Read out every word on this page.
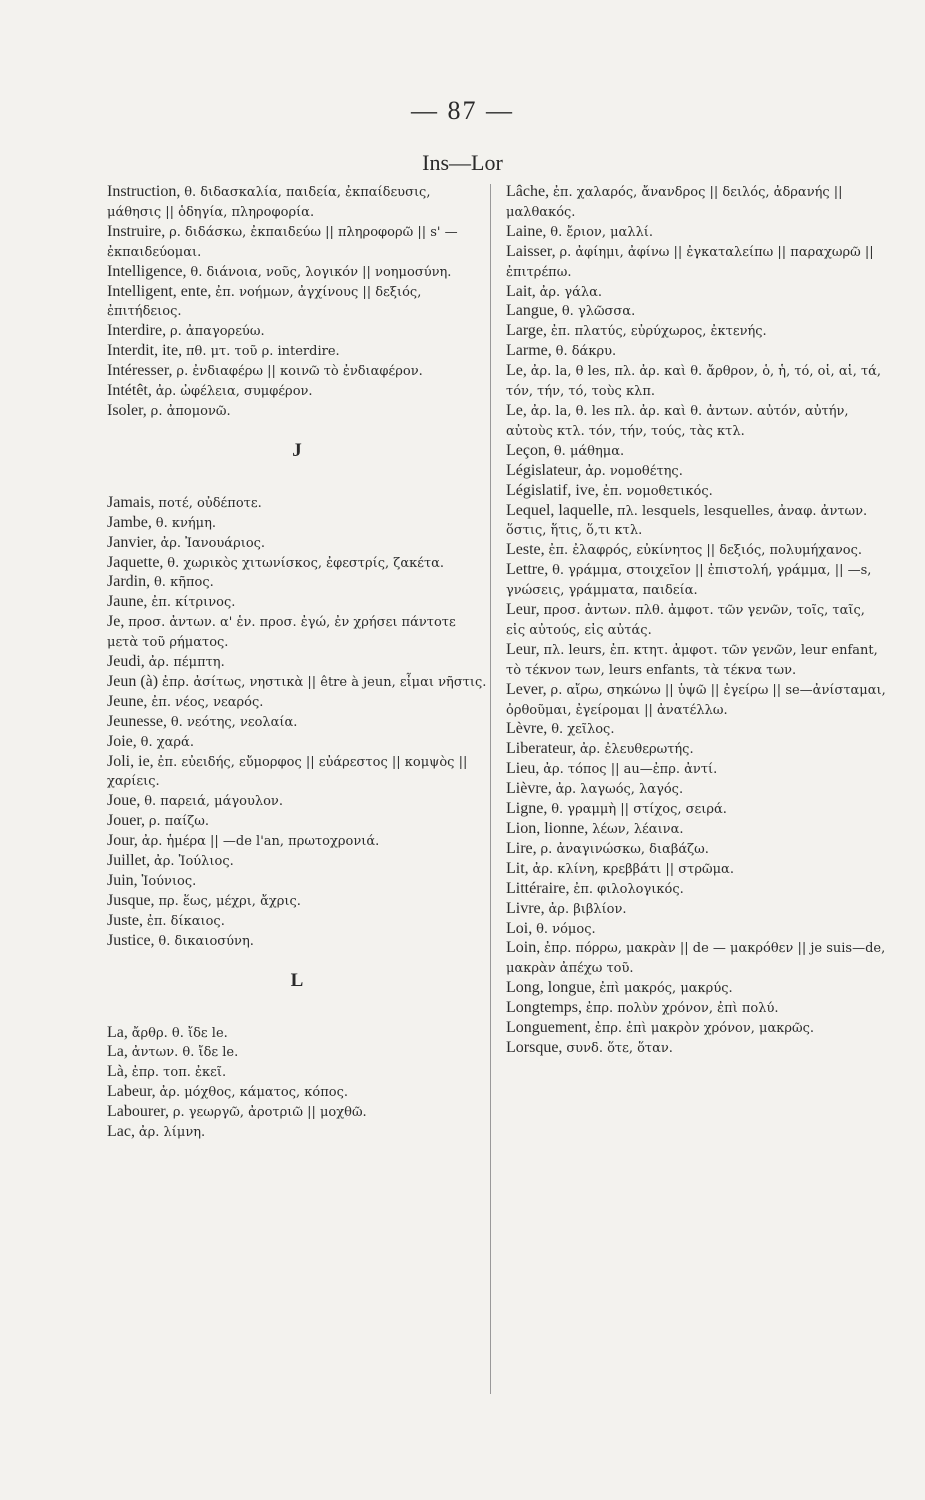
— 87 —
Ins—Lor

Instruction, θ. διδασκαλία, παιδεία, ἐκπαίδευσις, μάθησις || ὁδηγία, πληροφορία.

Instruire, ρ. διδάσκω, ἐκπαιδεύω || πληροφορῶ || s' — ἐκπαιδεύομαι.

Intelligence, θ. διάνοια, νοῦς, λογικόν || νοημοσύνη.

Intelligent, ente, ἐπ. νοήμων, ἀγχίνους || δεξιός, ἐπιτήδειος.

Interdire, ρ. ἀπαγορεύω.

Interdit, ite, πθ. μτ. τοῦ ρ. interdire.

Intéresser, ρ. ἐνδιαφέρω || κοινῶ τὸ ἐνδιαφέρον.

Intétêt, ἀρ. ὠφέλεια, συμφέρον.

Isoler, ρ. ἀπομονῶ.

J

Jamais, ποτέ, οὐδέποτε.

Jambe, θ. κνήμη.

Janvier, ἀρ. Ἰανουάριος.

Jaquette, θ. χωρικὸς χιτωνίσκος, ἐφεστρίς, ζακέτα.

Jardin, θ. κῆπος.

Jaune, ἐπ. κίτρινος.

Je, προσ. ἀντων. α' ἑν. προσ. ἐγώ, ἐν χρήσει πάντοτε μετὰ τοῦ ρήματος.

Jeudi, ἀρ. πέμπτη.

Jeun (à) ἐπρ. ἀσίτως, νηστικὰ || être à jeun, εἶμαι νῆστις.

Jeune, ἐπ. νέος, νεαρός.

Jeunesse, θ. νεότης, νεολαία.

Joie, θ. χαρά.

Joli, ie, ἐπ. εὐειδής, εὔμορφος || εὐάρεστος || κομψὸς || χαρίεις.

Joue, θ. παρειά, μάγουλον.

Jouer, ρ. παίζω.

Jour, ἀρ. ἡμέρα || —de l'an, πρωτοχρονιά.

Juillet, ἀρ. Ἰούλιος.

Juin, Ἰούνιος.

Jusque, πρ. ἕως, μέχρι, ἄχρις.

Juste, ἐπ. δίκαιος.

Justice, θ. δικαιοσύνη.

L

La, ἄρθρ. θ. ἴδε le.

La, ἀντων. θ. ἴδε le.

Là, ἐπρ. τοπ. ἐκεῖ.

Labeur, ἀρ. μόχθος, κάματος, κόπος.

Labourer, ρ. γεωργῶ, ἀροτριῶ || μοχθῶ.

Lac, ἀρ. λίμνη.

Lâche, ἐπ. χαλαρός, ἄνανδρος || δειλός, ἀδρανής || μαλθακός.

Laine, θ. ἔριον, μαλλί.

Laisser, ρ. ἀφίημι, ἀφίνω || ἐγκαταλείπω || παραχωρῶ || ἐπιτρέπω.

Lait, ἀρ. γάλα.

Langue, θ. γλῶσσα.

Large, ἐπ. πλατύς, εὐρύχωρος, ἐκτενής.

Larme, θ. δάκρυ.

Le, ἀρ. la, θ les, πλ. ἀρ. καὶ θ. ἄρθρον, ὁ, ἡ, τό, οἱ, αἱ, τά, τόν, τήν, τό, τοὺς κλπ.

Le, ἀρ. la, θ. les πλ. ἀρ. καὶ θ. ἀντων. αὐτόν, αὐτήν, αὐτοὺς κτλ. τόν, τήν, τούς, τὰς κτλ.

Leçon, θ. μάθημα.

Législateur, ἀρ. νομοθέτης.

Législatif, ive, ἐπ. νομοθετικός.

Lequel, laquelle, πλ. lesquels, lesquelles, ἀναφ. ἀντων. ὅστις, ἥτις, ὅ,τι κτλ.

Leste, ἐπ. ἐλαφρός, εὐκίνητος || δεξιός, πολυμήχανος.

Lettre, θ. γράμμα, στοιχεῖον || ἐπιστολή, γράμμα, || —s, γνώσεις, γράμματα, παιδεία.

Leur, προσ. ἀντων. πλθ. ἀμφοτ. τῶν γενῶν, τοῖς, ταῖς, εἰς αὐτούς, εἰς αὐτάς.

Leur, πλ. leurs, ἐπ. κτητ. ἀμφοτ. τῶν γενῶν, leur enfant, τὸ τέκνον των, leurs enfants, τὰ τέκνα των.

Lever, ρ. αἴρω, σηκώνω || ὑψῶ || ἐγείρω || se—ἀνίσταμαι, ὀρθοῦμαι, ἐγείρομαι || ἀνατέλλω.

Lèvre, θ. χεῖλος.

Liberateur, ἀρ. ἐλευθερωτής.

Lieu, ἀρ. τόπος || au—ἐπρ. ἀντί.

Lièvre, ἀρ. λαγωός, λαγός.

Ligne, θ. γραμμὴ || στίχος, σειρά.

Lion, lionne, λέων, λέαινα.

Lire, ρ. ἀναγινώσκω, διαβάζω.

Lit, ἀρ. κλίνη, κρεββάτι || στρῶμα.

Littéraire, ἐπ. φιλολογικός.

Livre, ἀρ. βιβλίον.

Loi, θ. νόμος.

Loin, ἐπρ. πόρρω, μακρὰν || de — μακρόθεν || je suis—de, μακρὰν ἀπέχω τοῦ.

Long, longue, ἐπὶ μακρός, μακρύς.

Longtemps, ἐπρ. πολὺν χρόνον, ἐπὶ πολύ.

Longuement, ἐπρ. ἐπὶ μακρὸν χρόνον, μακρῶς.

Lorsque, συνδ. ὅτε, ὅταν.
